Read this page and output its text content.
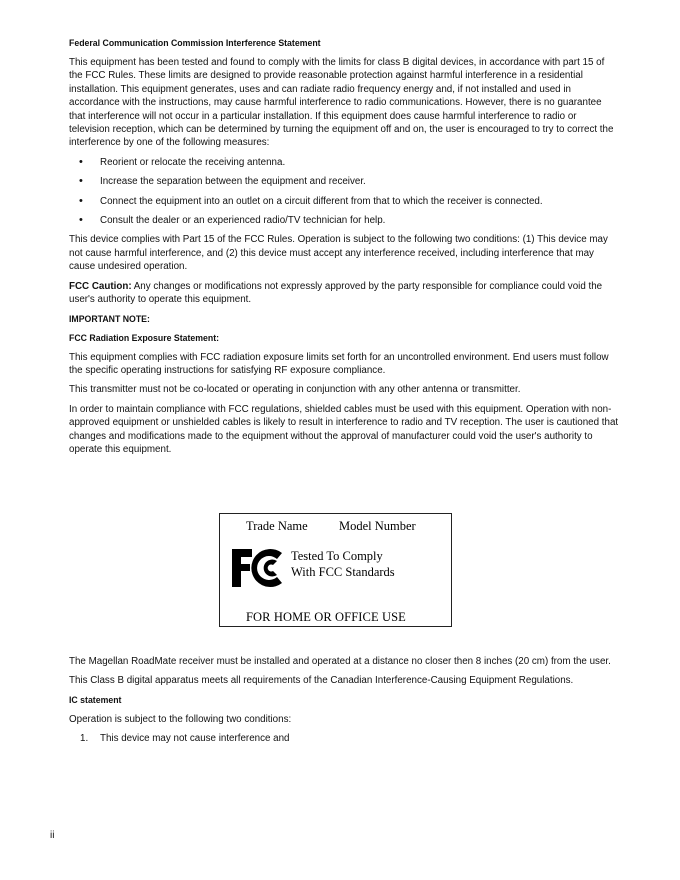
Federal Communication Commission Interference Statement

This equipment has been tested and found to comply with the limits for class B digital devices, in accordance with part 15 of the FCC Rules. These limits are designed to provide reasonable protection against harmful interference in a residential installation. This equipment generates, uses and can radiate radio frequency energy and, if not installed and used in accordance with the instructions, may cause harmful interference to radio communications. However, there is no guarantee that interference will not occur in a particular installation. If this equipment does cause harmful interference to radio or television reception, which can be determined by turning the equipment off and on, the user is encouraged to try to correct the interference by one of the following measures:

• Reorient or relocate the receiving antenna.
• Increase the separation between the equipment and receiver.
• Connect the equipment into an outlet on a circuit different from that to which the receiver is connected.
• Consult the dealer or an experienced radio/TV technician for help.

This device complies with Part 15 of the FCC Rules. Operation is subject to the following two conditions: (1) This device may not cause harmful interference, and (2) this device must accept any interference received, including interference that may cause undesired operation.

FCC Caution: Any changes or modifications not expressly approved by the party responsible for compliance could void the user's authority to operate this equipment.

IMPORTANT NOTE:
FCC Radiation Exposure Statement:

This equipment complies with FCC radiation exposure limits set forth for an uncontrolled environment. End users must follow the specific operating instructions for satisfying RF exposure compliance.

This transmitter must not be co-located or operating in conjunction with any other antenna or transmitter.

In order to maintain compliance with FCC regulations, shielded cables must be used with this equipment. Operation with non-approved equipment or unshielded cables is likely to result in interference to radio and TV reception. The user is cautioned that changes and modifications made to the equipment without the approval of manufacturer could void the user's authority to operate this equipment.

Trade Name	Model Number
Tested To Comply
With FCC Standards
FOR HOME OR OFFICE USE

The Magellan RoadMate receiver must be installed and operated at a distance no closer then 8 inches (20 cm) from the user.

This Class B digital apparatus meets all requirements of the Canadian Interference-Causing Equipment Regulations.

IC statement

Operation is subject to the following two conditions:

1. This device may not cause interference and
ii
